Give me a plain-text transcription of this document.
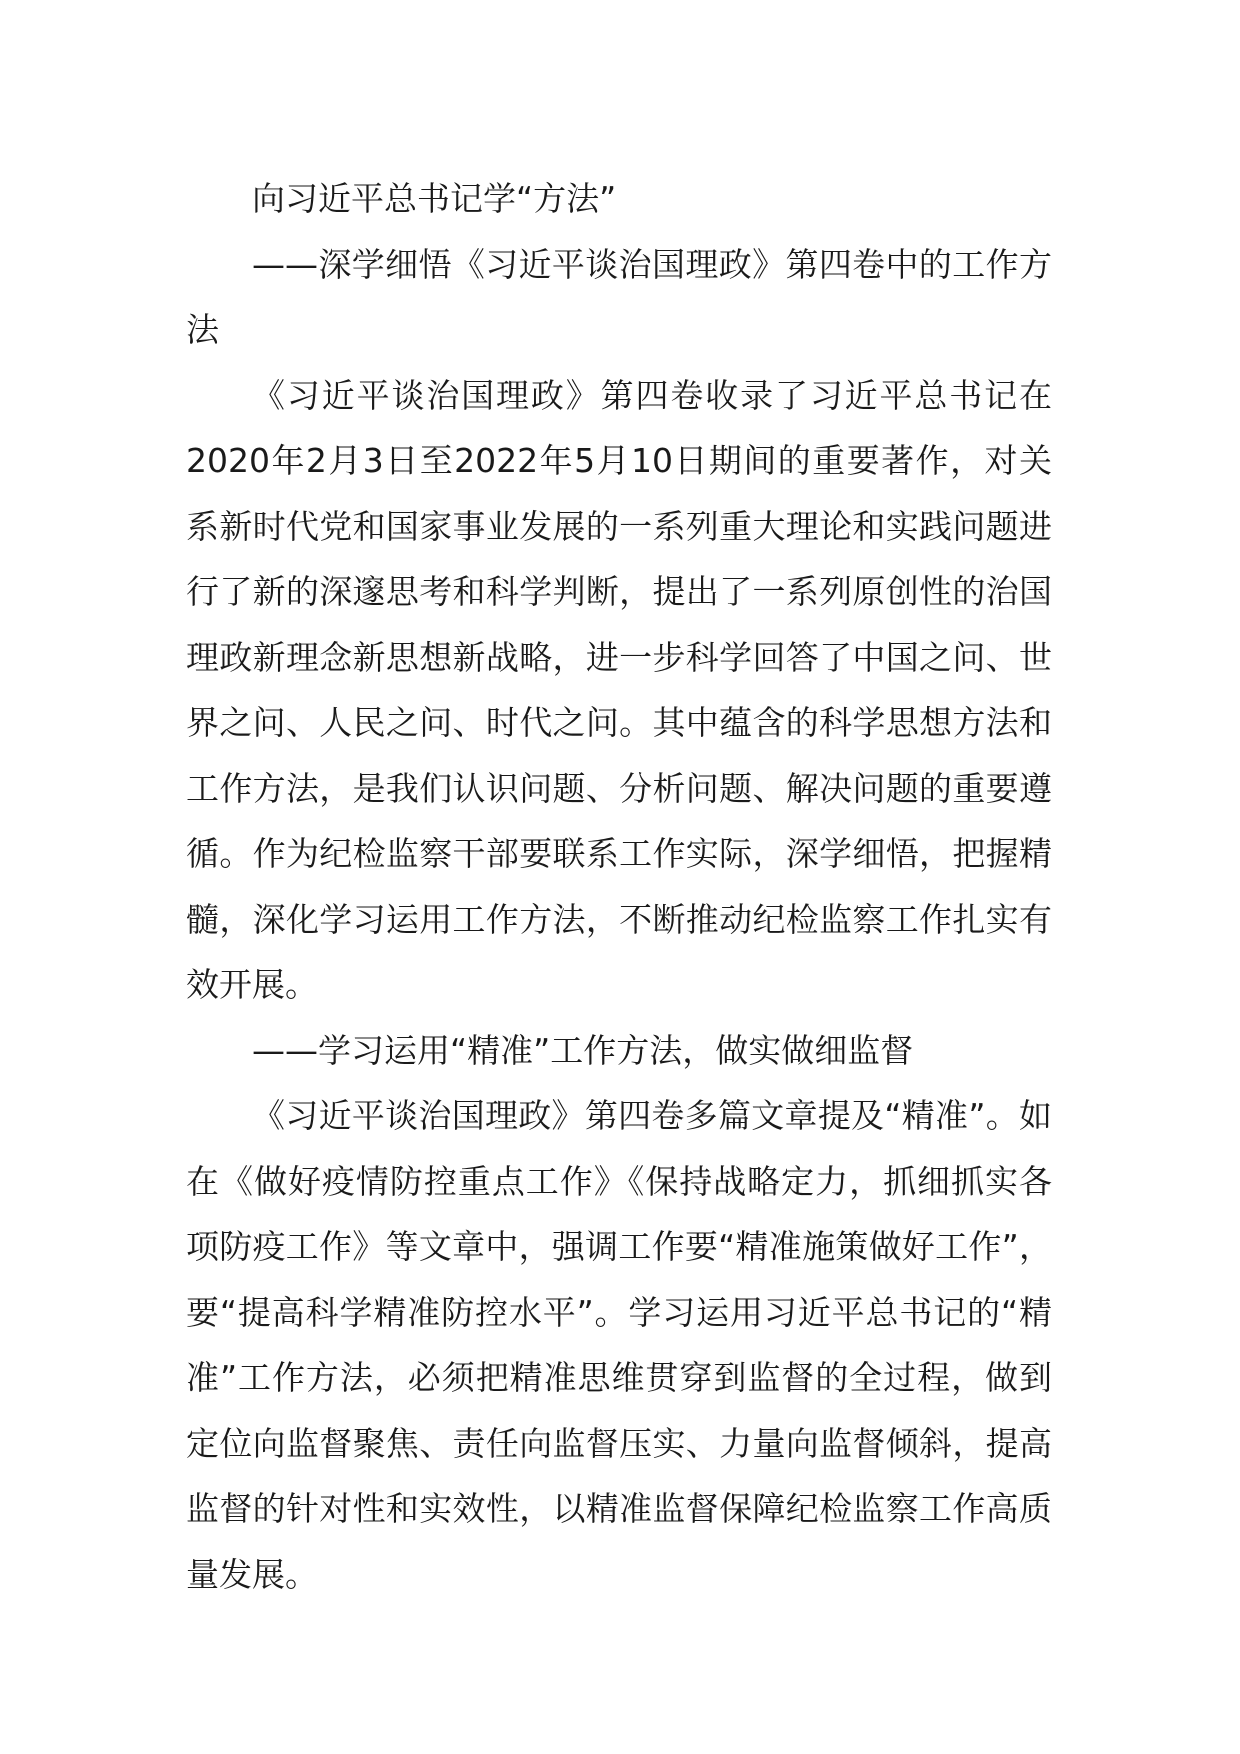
向习近平总书记学“方法”

——深学细悟《习近平谈治国理政》第四卷中的工作方法

《习近平谈治国理政》第四卷收录了习近平总书记在2020年2月3日至2022年5月10日期间的重要著作，对关系新时代党和国家事业发展的一系列重大理论和实践问题进行了新的深邃思考和科学判断，提出了一系列原创性的治国理政新理念新思想新战略，进一步科学回答了中国之问、世界之问、人民之问、时代之问。其中蕴含的科学思想方法和工作方法，是我们认识问题、分析问题、解决问题的重要遵循。作为纪检监察干部要联系工作实际，深学细悟，把握精髓，深化学习运用工作方法，不断推动纪检监察工作扎实有效开展。

——学习运用“精准”工作方法，做实做细监督

《习近平谈治国理政》第四卷多篇文章提及“精准”。如在《做好疫情防控重点工作》《保持战略定力，抓细抓实各项防疫工作》等文章中，强调工作要“精准施策做好工作”，要“提高科学精准防控水平”。学习运用习近平总书记的“精准”工作方法，必须把精准思维贯穿到监督的全过程，做到定位向监督聚焦、责任向监督压实、力量向监督倾斜，提高监督的针对性和实效性，以精准监督保障纪检监察工作高质量发展。
